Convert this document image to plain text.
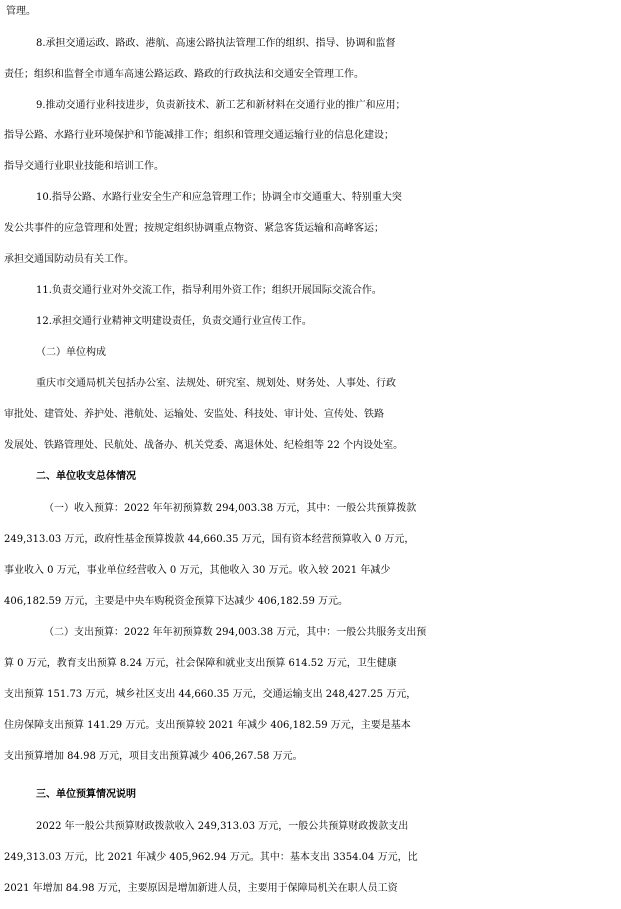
管理。
8.承担交通运政、路政、港航、高速公路执法管理工作的组织、指导、协调和监督
责任；组织和监督全市通车高速公路运政、路政的行政执法和交通安全管理工作。
9.推动交通行业科技进步，负责新技术、新工艺和新材料在交通行业的推广和应用；
指导公路、水路行业环境保护和节能减排工作；组织和管理交通运输行业的信息化建设；
指导交通行业职业技能和培训工作。
10.指导公路、水路行业安全生产和应急管理工作；协调全市交通重大、特别重大突
发公共事件的应急管理和处置；按规定组织协调重点物资、紧急客货运输和高峰客运；
承担交通国防动员有关工作。
11.负责交通行业对外交流工作，指导利用外资工作；组织开展国际交流合作。
12.承担交通行业精神文明建设责任，负责交通行业宣传工作。
（二）单位构成
重庆市交通局机关包括办公室、法规处、研究室、规划处、财务处、人事处、行政
审批处、建管处、养护处、港航处、运输处、安监处、科技处、审计处、宣传处、铁路
发展处、铁路管理处、民航处、战备办、机关党委、离退休处、纪检组等 22 个内设处室。
二、单位收支总体情况
（一）收入预算：2022 年年初预算数 294,003.38 万元，其中：一般公共预算拨款
249,313.03 万元，政府性基金预算拨款 44,660.35 万元，国有资本经营预算收入 0 万元，
事业收入 0 万元，事业单位经营收入 0 万元，其他收入 30 万元。收入较 2021 年减少
406,182.59 万元，主要是中央车购税资金预算下达减少 406,182.59 万元。
（二）支出预算：2022 年年初预算数 294,003.38 万元，其中：一般公共服务支出预
算 0 万元，教育支出预算 8.24 万元，社会保障和就业支出预算 614.52 万元，卫生健康
支出预算 151.73 万元，城乡社区支出 44,660.35 万元，交通运输支出 248,427.25 万元，
住房保障支出预算 141.29 万元。支出预算较 2021 年减少 406,182.59 万元，主要是基本
支出预算增加 84.98 万元，项目支出预算减少 406,267.58 万元。
三、单位预算情况说明
2022 年一般公共预算财政拨款收入 249,313.03 万元，一般公共预算财政拨款支出
249,313.03 万元，比 2021 年减少 405,962.94 万元。其中：基本支出 3354.04 万元，比
2021 年增加 84.98 万元，主要原因是增加新进人员，主要用于保障局机关在职人员工资
